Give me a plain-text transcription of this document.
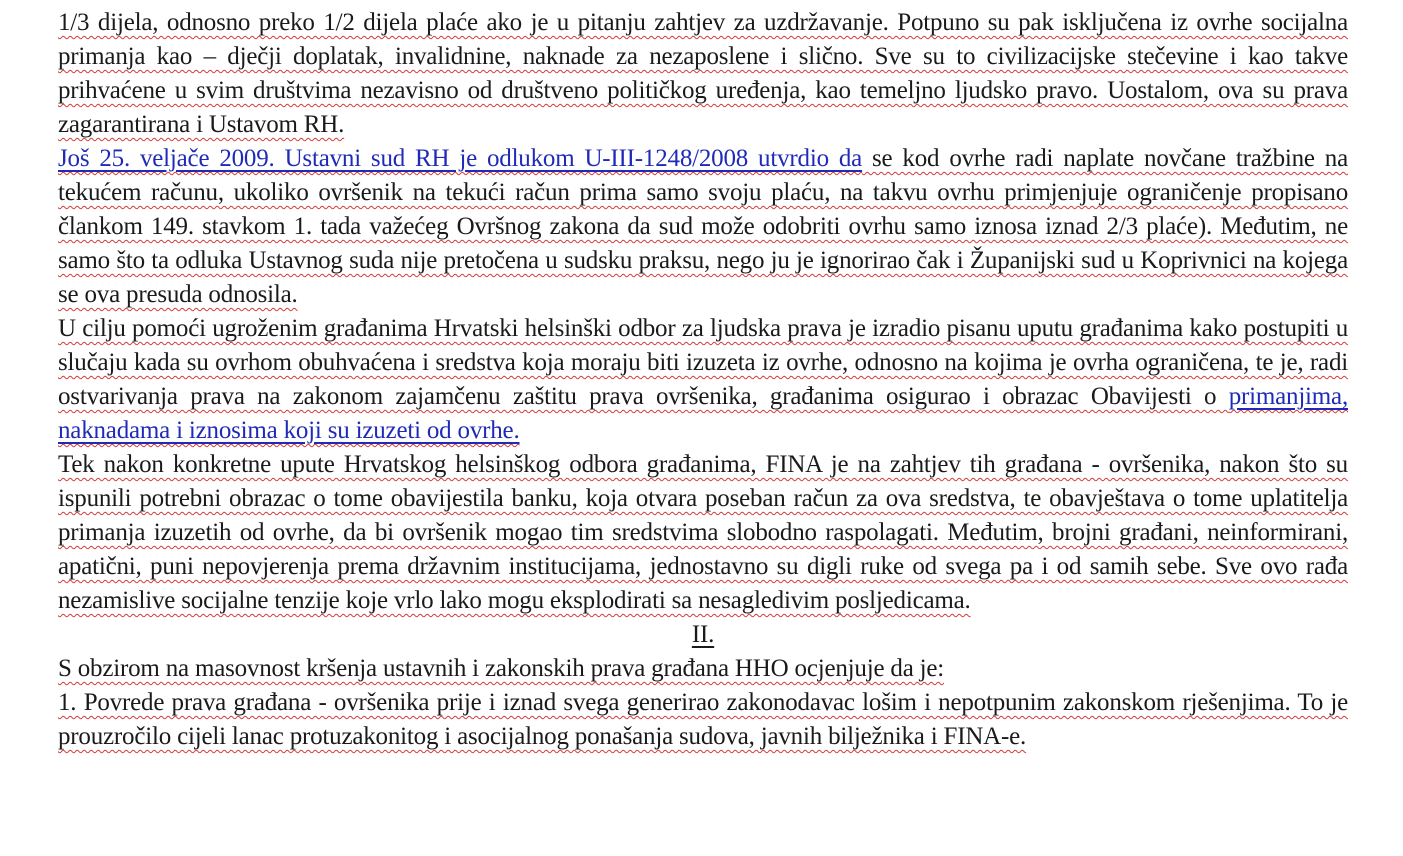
1/3 dijela, odnosno preko 1/2 dijela plaće ako je u pitanju zahtjev za uzdržavanje. Potpuno su pak isključena iz ovrhe socijalna primanja kao – dječji doplatak, invalidnine, naknade za nezaposlene i slično. Sve su to civilizacijske stečevine i kao takve prihvaćene u svim društvima nezavisno od društveno političkog uređenja, kao temeljno ljudsko pravo. Uostalom, ova su prava zagarantirana i Ustavom RH.

Još 25. veljače 2009. Ustavni sud RH je odlukom U-III-1248/2008 utvrdio da se kod ovrhe radi naplate novčane tražbine na tekućem računu, ukoliko ovršenik na tekući račun prima samo svoju plaću, na takvu ovrhu primjenjuje ograničenje propisano člankom 149. stavkom 1. tada važećeg Ovršnog zakona da sud može odobriti ovrhu samo iznosa iznad 2/3 plaće). Međutim, ne samo što ta odluka Ustavnog suda nije pretočena u sudsku praksu, nego ju je ignorirao čak i Županijski sud u Koprivnici na kojega se ova presuda odnosila.

U cilju pomoći ugroženim građanima Hrvatski helsinški odbor za ljudska prava je izradio pisanu uputu građanima kako postupiti u slučaju kada su ovrhom obuhvaćena i sredstva koja moraju biti izuzeta iz ovrhe, odnosno na kojima je ovrha ograničena, te je, radi ostvarivanja prava na zakonom zajamčenu zaštitu prava ovršenika, građanima osigurao i obrazac Obavijesti o primanjima, naknadama i iznosima koji su izuzeti od ovrhe.

Tek nakon konkretne upute Hrvatskog helsinškog odbora građanima, FINA je na zahtjev tih građana - ovršenika, nakon što su ispunili potrebni obrazac o tome obavijestila banku, koja otvara poseban račun za ova sredstva, te obavještava o tome uplatitelja primanja izuzetih od ovrhe, da bi ovršenik mogao tim sredstvima slobodno raspolagati. Međutim, brojni građani, neinformirani, apatični, puni nepovjerenja prema državnim institucijama, jednostavno su digli ruke od svega pa i od samih sebe. Sve ovo rađa nezamislive socijalne tenzije koje vrlo lako mogu eksplodirati sa nesagledivim posljedicama.

II.

S obzirom na masovnost kršenja ustavnih i zakonskih prava građana HHO ocjenjuje da je:

1. Povrede prava građana - ovršenika prije i iznad svega generirao zakonodavac lošim i nepotpunim zakonskom rješenjima. To je prouzročilo cijeli lanac protuzakonitog i asocijalnog ponašanja sudova, javnih bilježnika i FINA-e.
